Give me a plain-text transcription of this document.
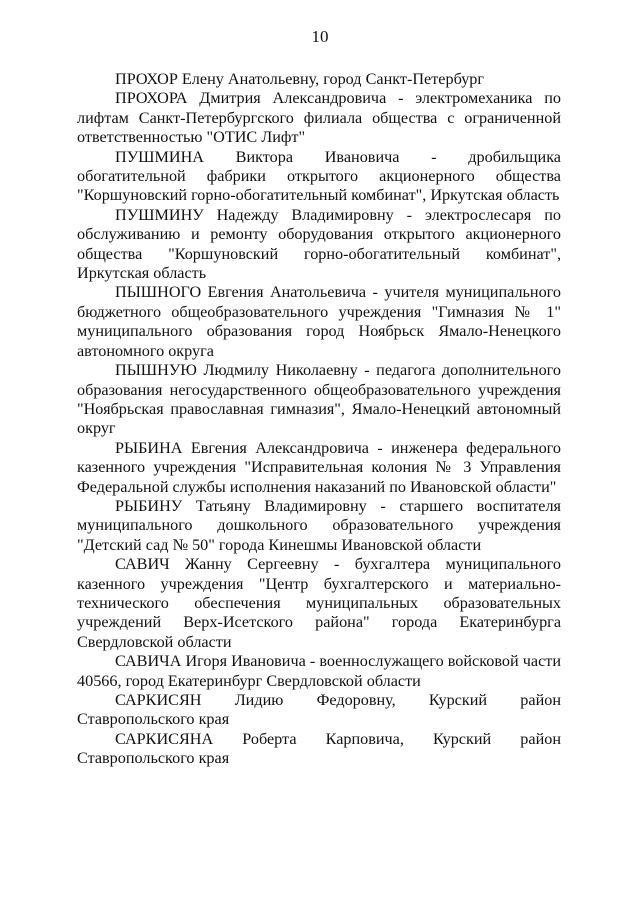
10

ПРОХОР Елену Анатольевну, город Санкт-Петербург

ПРОХОРА Дмитрия Александровича - электромеханика по лифтам Санкт-Петербургского филиала общества с ограниченной ответственностью "ОТИС Лифт"

ПУШМИНА Виктора Ивановича - дробильщика обогатительной фабрики открытого акционерного общества "Коршуновский горно-обогатительный комбинат", Иркутская область

ПУШМИНУ Надежду Владимировну - электрослесаря по обслуживанию и ремонту оборудования открытого акционерного общества "Коршуновский горно-обогатительный комбинат", Иркутская область

ПЫШНОГО Евгения Анатольевича - учителя муниципального бюджетного общеобразовательного учреждения "Гимназия № 1" муниципального образования город Ноябрьск Ямало-Ненецкого автономного округа

ПЫШНУЮ Людмилу Николаевну - педагога дополнительного образования негосударственного общеобразовательного учреждения "Ноябрьская православная гимназия", Ямало-Ненецкий автономный округ

РЫБИНА Евгения Александровича - инженера федерального казенного учреждения "Исправительная колония № 3 Управления Федеральной службы исполнения наказаний по Ивановской области"

РЫБИНУ Татьяну Владимировну - старшего воспитателя муниципального дошкольного образовательного учреждения "Детский сад № 50" города Кинешмы Ивановской области

САВИЧ Жанну Сергеевну - бухгалтера муниципального казенного учреждения "Центр бухгалтерского и материально-технического обеспечения муниципальных образовательных учреждений Верх-Исетского района" города Екатеринбурга Свердловской области

САВИЧА Игоря Ивановича - военнослужащего войсковой части 40566, город Екатеринбург Свердловской области

САРКИСЯН Лидию Федоровну, Курский район Ставропольского края

САРКИСЯНА Роберта Карповича, Курский район Ставропольского края
